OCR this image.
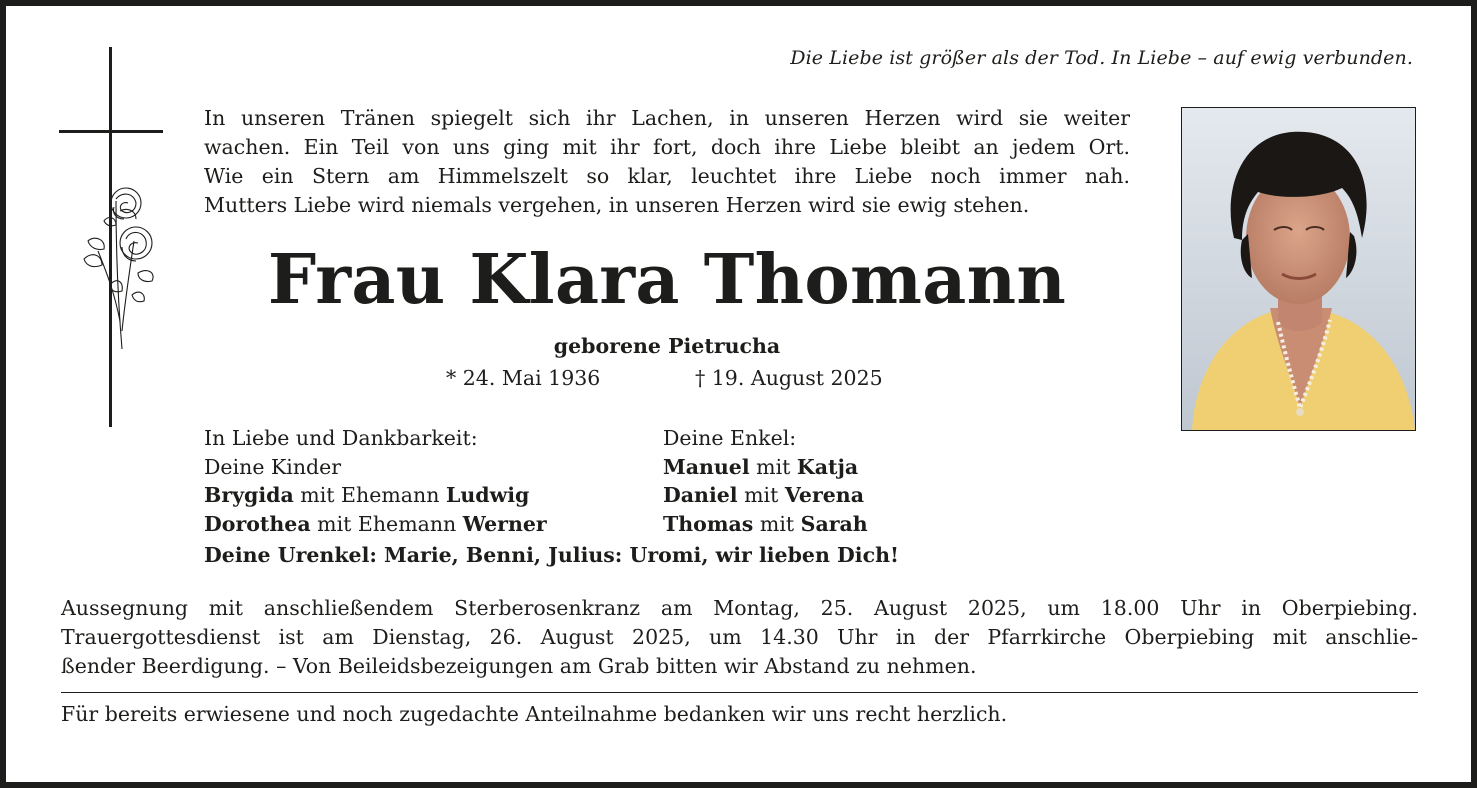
Die Liebe ist größer als der Tod. In Liebe – auf ewig verbunden.
In unseren Tränen spiegelt sich ihr Lachen, in unseren Herzen wird sie weiter
wachen. Ein Teil von uns ging mit ihr fort, doch ihre Liebe bleibt an jedem Ort.
Wie ein Stern am Himmelszelt so klar, leuchtet ihre Liebe noch immer nah.
Mutters Liebe wird niemals vergehen, in unseren Herzen wird sie ewig stehen.
Frau Klara Thomann
geborene Pietrucha
* 24. Mai 1936	† 19. August 2025
In Liebe und Dankbarkeit:
Deine Kinder
Brygida mit Ehemann Ludwig
Dorothea mit Ehemann Werner
Deine Enkel:
Manuel mit Katja
Daniel mit Verena
Thomas mit Sarah
Deine Urenkel: Marie, Benni, Julius: Uromi, wir lieben Dich!
Aussegnung mit anschließendem Sterberosenkranz am Montag, 25. August 2025, um 18.00 Uhr in Oberpiebing.
Trauergottesdienst ist am Dienstag, 26. August 2025, um 14.30 Uhr in der Pfarrkirche Oberpiebing mit anschlie-
ßender Beerdigung. – Von Beileidsbezeigungen am Grab bitten wir Abstand zu nehmen.
Für bereits erwiesene und noch zugedachte Anteilnahme bedanken wir uns recht herzlich.
